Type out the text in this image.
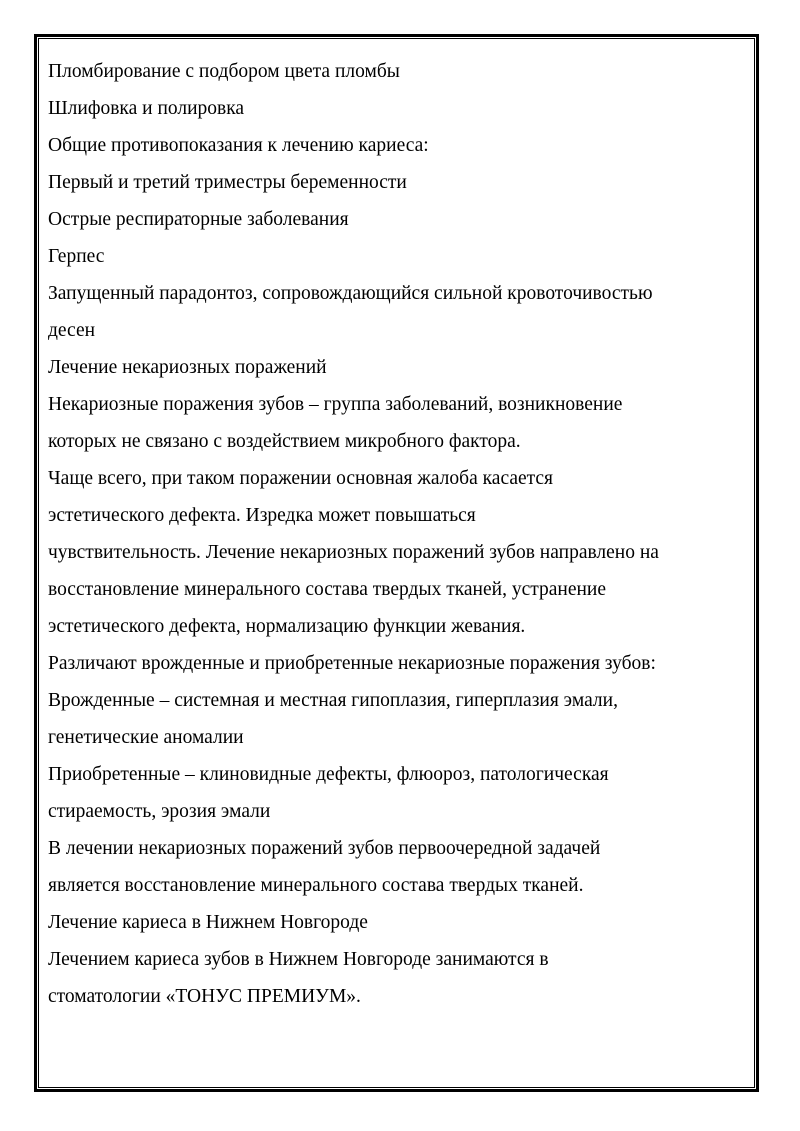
Пломбирование с подбором цвета пломбы
Шлифовка и полировка
Общие противопоказания к лечению кариеса:
Первый и третий триместры беременности
Острые респираторные заболевания
Герпес
Запущенный парадонтоз, сопровождающийся сильной кровоточивостью
десен
Лечение некариозных поражений
Некариозные поражения зубов – группа заболеваний, возникновение
которых не связано с воздействием микробного фактора.
Чаще всего, при таком поражении основная жалоба касается
эстетического дефекта. Изредка может повышаться
чувствительность. Лечение некариозных поражений зубов направлено на
восстановление минерального состава твердых тканей, устранение
эстетического дефекта, нормализацию функции жевания.
Различают врожденные и приобретенные некариозные поражения зубов:
Врожденные – системная и местная гипоплазия, гиперплазия эмали,
генетические аномалии
Приобретенные – клиновидные дефекты, флюороз, патологическая
стираемость, эрозия эмали
В лечении некариозных поражений зубов первоочередной задачей
является восстановление минерального состава твердых тканей.
Лечение кариеса в Нижнем Новгороде
Лечением кариеса зубов в Нижнем Новгороде занимаются в
стоматологии «ТОНУС ПРЕМИУМ».
